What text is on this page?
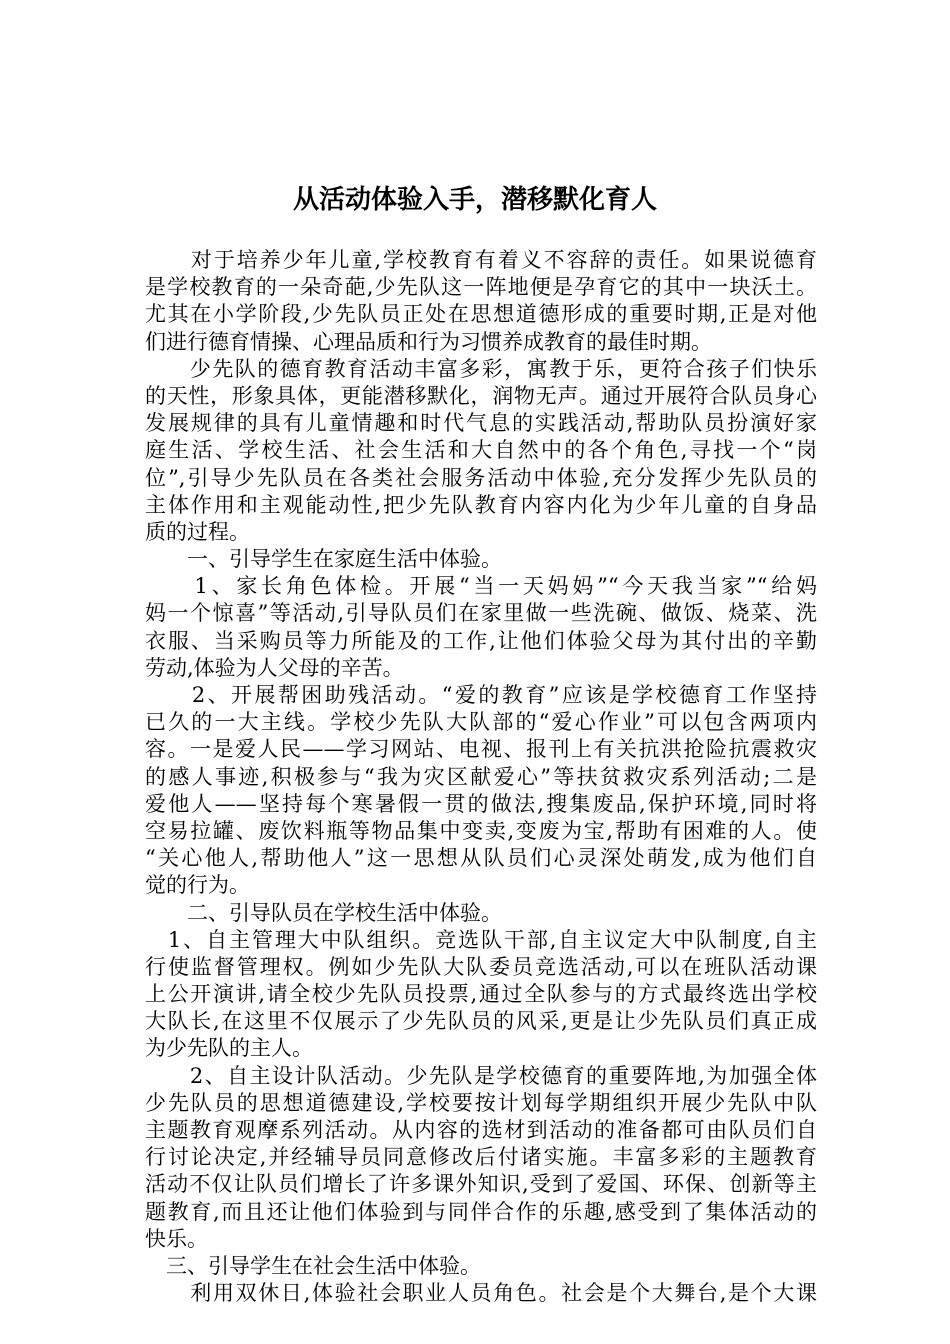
从活动体验入手，潜移默化育人
　　对于培养少年儿童,学校教育有着义不容辞的责任。如果说德育
是学校教育的一朵奇葩,少先队这一阵地便是孕育它的其中一块沃土。
尤其在小学阶段,少先队员正处在思想道德形成的重要时期,正是对他
们进行德育情操、心理品质和行为习惯养成教育的最佳时期。
　　少先队的德育教育活动丰富多彩，寓教于乐，更符合孩子们快乐
的天性，形象具体，更能潜移默化，润物无声。通过开展符合队员身心
发展规律的具有儿童情趣和时代气息的实践活动,帮助队员扮演好家
庭生活、学校生活、社会生活和大自然中的各个角色,寻找一个“岗
位”,引导少先队员在各类社会服务活动中体验,充分发挥少先队员的
主体作用和主观能动性,把少先队教育内容内化为少年儿童的自身品
质的过程。
　　一、引导学生在家庭生活中体验。
　　1、家长角色体检。开展“当一天妈妈”“今天我当家”“给妈
妈一个惊喜”等活动,引导队员们在家里做一些洗碗、做饭、烧菜、洗
衣服、当采购员等力所能及的工作,让他们体验父母为其付出的辛勤
劳动,体验为人父母的辛苦。
　　2、开展帮困助残活动。“爱的教育”应该是学校德育工作坚持
已久的一大主线。学校少先队大队部的“爱心作业”可以包含两项内
容。一是爱人民——学习网站、电视、报刊上有关抗洪抢险抗震救灾
的感人事迹,积极参与“我为灾区献爱心”等扶贫救灾系列活动;二是
爱他人——坚持每个寒暑假一贯的做法,搜集废品,保护环境,同时将
空易拉罐、废饮料瓶等物品集中变卖,变废为宝,帮助有困难的人。使
“关心他人,帮助他人”这一思想从队员们心灵深处萌发,成为他们自
觉的行为。
　　二、引导队员在学校生活中体验。
　1、自主管理大中队组织。竞选队干部,自主议定大中队制度,自主
行使监督管理权。例如少先队大队委员竞选活动,可以在班队活动课
上公开演讲,请全校少先队员投票,通过全队参与的方式最终选出学校
大队长,在这里不仅展示了少先队员的风采,更是让少先队员们真正成
为少先队的主人。
　　2、自主设计队活动。少先队是学校德育的重要阵地,为加强全体
少先队员的思想道德建设,学校要按计划每学期组织开展少先队中队
主题教育观摩系列活动。从内容的选材到活动的准备都可由队员们自
行讨论决定,并经辅导员同意修改后付诸实施。丰富多彩的主题教育
活动不仅让队员们增长了许多课外知识,受到了爱国、环保、创新等主
题教育,而且还让他们体验到与同伴合作的乐趣,感受到了集体活动的
快乐。
　三、引导学生在社会生活中体验。
　　利用双休日,体验社会职业人员角色。社会是个大舞台,是个大课
